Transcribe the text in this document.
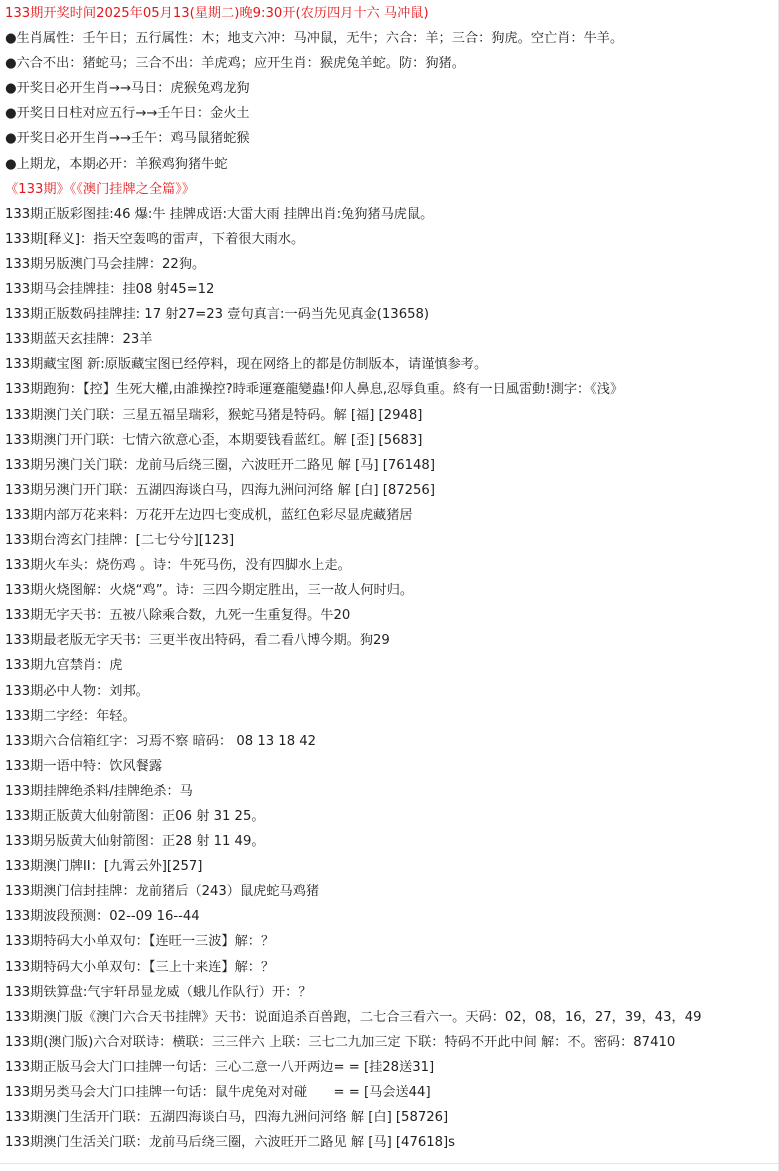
133期开奖时间2025年05月13(星期二)晚9:30开(农历四月十六 马冲鼠)
●生肖属性：壬午日；五行属性：木；地支六冲：马冲鼠，无牛；六合：羊；三合：狗虎。空亡肖：牛羊。
●六合不出：猪蛇马；三合不出：羊虎鸡；应开生肖：猴虎兔羊蛇。防：狗猪。
●开奖日必开生肖→→马日：虎猴兔鸡龙狗
●开奖日日柱对应五行→→壬午日：金火土
●开奖日必开生肖→→壬午：鸡马鼠猪蛇猴
●上期龙，本期必开：羊猴鸡狗猪牛蛇
《133期》《《澳门挂牌之全篇》》
133期正版彩图挂:46 爆:牛 挂牌成语:大雷大雨 挂牌出肖:兔狗猪马虎鼠。
133期[释义]：指天空轰鸣的雷声，下着很大雨水。
133期另版澳门马会挂牌：22狗。
133期马会挂牌挂：挂08 射45=12
133期正版数码挂牌挂: 17 射27=23 壹句真言:一码当先见真金(13658)
133期蓝天玄挂牌：23羊
133期藏宝图 新:原版藏宝图已经停料，现在网络上的都是仿制版本，请谨慎参考。
133期跑狗：【控】生死大權,由誰操控?時乖運蹇龍變蟲!仰人鼻息,忍辱負重。終有一日風雷動!測字：《浅》
133期澳门关门联：三星五福呈瑞彩，猴蛇马猪是特码。解 [福] [2948]
133期澳门开门联：七情六欲意心歪，本期要钱看蓝红。解 [歪] [5683]
133期另澳门关门联：龙前马后绕三圈，六波旺开二路见 解 [马] [76148]
133期另澳门开门联：五湖四海谈白马，四海九洲问河络 解 [白] [87256]
133期内部万花来料：万花开左边四七变成机，蓝红色彩尽显虎藏猪居
133期台湾玄门挂牌：[二七兮兮][123]
133期火车头：烧伤鸡 。诗：牛死马伤，没有四脚水上走。
133期火烧图解：火烧“鸡”。诗：三四今期定胜出，三一故人何时归。
133期无字天书：五被八除乘合数，九死一生重复得。牛20
133期最老版无字天书：三更半夜出特码，看二看八博今期。狗29
133期九宫禁肖：虎
133期必中人物：刘邦。
133期二字经：年轻。
133期六合信箱红字：习焉不察 暗码： 08 13 18 42
133期一语中特：饮风餐露
133期挂牌绝杀料/挂牌绝杀：马
133期正版黄大仙射箭图：正06 射 31 25。
133期另版黄大仙射箭图：正28 射 11 49。
133期澳门牌II：[九霄云外][257]
133期澳门信封挂牌：龙前猪后（243）鼠虎蛇马鸡猪
133期波段预测：02--09 16--44
133期特码大小单双句：【连旺一三波】解：？
133期特码大小单双句：【三上十来连】解：？
133期铁算盘:气宇轩昂显龙威（蛾儿作队行）开：？
133期澳门版《澳门六合天书挂牌》天书：说面追杀百兽跑，二七合三看六一。天码：02，08，16，27，39，43，49
133期(澳门版)六合对联诗：横联：三三伴六 上联：三七二九加三定 下联：特码不开此中间 解：不。密码：87410
133期正版马会大门口挂牌一句话：三心二意一八开两边= = [挂28送31]
133期另类马会大门口挂牌一句话：鼠牛虎兔对对碰　　= = [马会送44]
133期澳门生活开门联：五湖四海谈白马，四海九洲问河络 解 [白] [58726]
133期澳门生活关门联：龙前马后绕三圈，六波旺开二路见 解 [马] [47618]s
